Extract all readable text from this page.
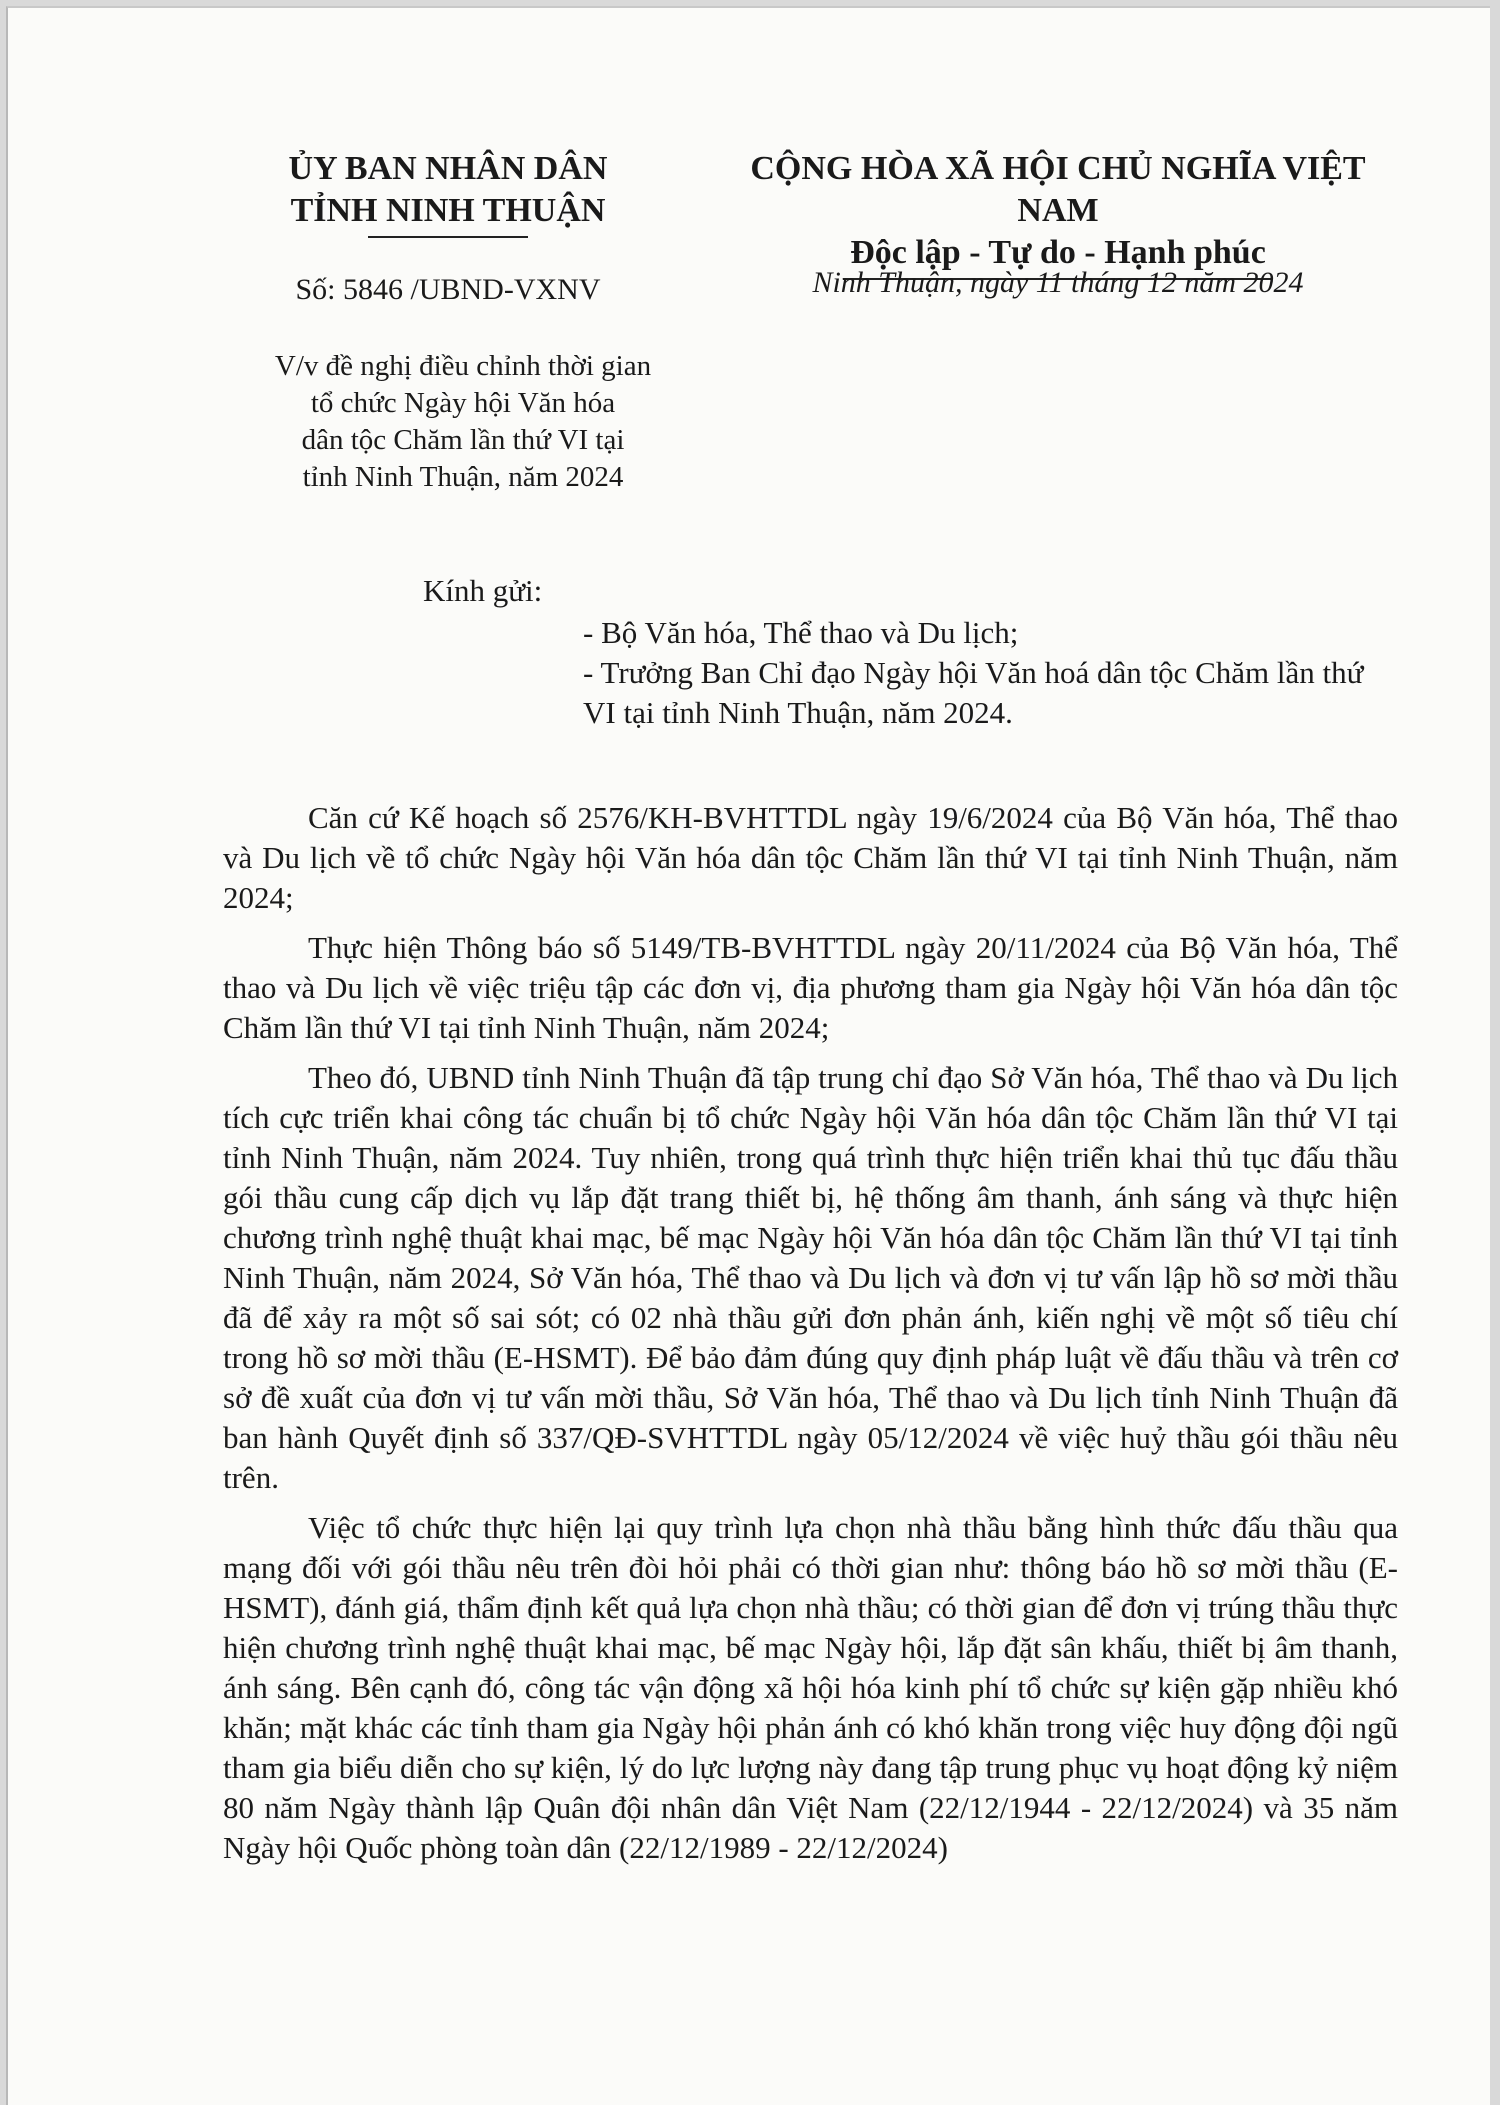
ỦY BAN NHÂN DÂN
TỈNH NINH THUẬN
Số: 5846 /UBND-VXNV
V/v đề nghị điều chỉnh thời gian
tổ chức Ngày hội Văn hóa
dân tộc Chăm lần thứ VI tại
tỉnh Ninh Thuận, năm 2024
CỘNG HÒA XÃ HỘI CHỦ NGHĨA VIỆT NAM
Độc lập - Tự do - Hạnh phúc
Ninh Thuận, ngày 11 tháng 12 năm 2024
Kính gửi:
- Bộ Văn hóa, Thể thao và Du lịch;
- Trưởng Ban Chỉ đạo Ngày hội Văn hoá dân tộc Chăm lần thứ VI tại tỉnh Ninh Thuận, năm 2024.

Căn cứ Kế hoạch số 2576/KH-BVHTTDL ngày 19/6/2024 của Bộ Văn hóa, Thể thao và Du lịch về tổ chức Ngày hội Văn hóa dân tộc Chăm lần thứ VI tại tỉnh Ninh Thuận, năm 2024;

Thực hiện Thông báo số 5149/TB-BVHTTDL ngày 20/11/2024 của Bộ Văn hóa, Thể thao và Du lịch về việc triệu tập các đơn vị, địa phương tham gia Ngày hội Văn hóa dân tộc Chăm lần thứ VI tại tỉnh Ninh Thuận, năm 2024;

Theo đó, UBND tỉnh Ninh Thuận đã tập trung chỉ đạo Sở Văn hóa, Thể thao và Du lịch tích cực triển khai công tác chuẩn bị tổ chức Ngày hội Văn hóa dân tộc Chăm lần thứ VI tại tỉnh Ninh Thuận, năm 2024. Tuy nhiên, trong quá trình thực hiện triển khai thủ tục đấu thầu gói thầu cung cấp dịch vụ lắp đặt trang thiết bị, hệ thống âm thanh, ánh sáng và thực hiện chương trình nghệ thuật khai mạc, bế mạc Ngày hội Văn hóa dân tộc Chăm lần thứ VI tại tỉnh Ninh Thuận, năm 2024, Sở Văn hóa, Thể thao và Du lịch và đơn vị tư vấn lập hồ sơ mời thầu đã để xảy ra một số sai sót; có 02 nhà thầu gửi đơn phản ánh, kiến nghị về một số tiêu chí trong hồ sơ mời thầu (E-HSMT). Để bảo đảm đúng quy định pháp luật về đấu thầu và trên cơ sở đề xuất của đơn vị tư vấn mời thầu, Sở Văn hóa, Thể thao và Du lịch tỉnh Ninh Thuận đã ban hành Quyết định số 337/QĐ-SVHTTDL ngày 05/12/2024 về việc huỷ thầu gói thầu nêu trên.

Việc tổ chức thực hiện lại quy trình lựa chọn nhà thầu bằng hình thức đấu thầu qua mạng đối với gói thầu nêu trên đòi hỏi phải có thời gian như: thông báo hồ sơ mời thầu (E-HSMT), đánh giá, thẩm định kết quả lựa chọn nhà thầu; có thời gian để đơn vị trúng thầu thực hiện chương trình nghệ thuật khai mạc, bế mạc Ngày hội, lắp đặt sân khấu, thiết bị âm thanh, ánh sáng. Bên cạnh đó, công tác vận động xã hội hóa kinh phí tổ chức sự kiện gặp nhiều khó khăn; mặt khác các tỉnh tham gia Ngày hội phản ánh có khó khăn trong việc huy động đội ngũ tham gia biểu diễn cho sự kiện, lý do lực lượng này đang tập trung phục vụ hoạt động kỷ niệm 80 năm Ngày thành lập Quân đội nhân dân Việt Nam (22/12/1944 - 22/12/2024) và 35 năm Ngày hội Quốc phòng toàn dân (22/12/1989 - 22/12/2024)
